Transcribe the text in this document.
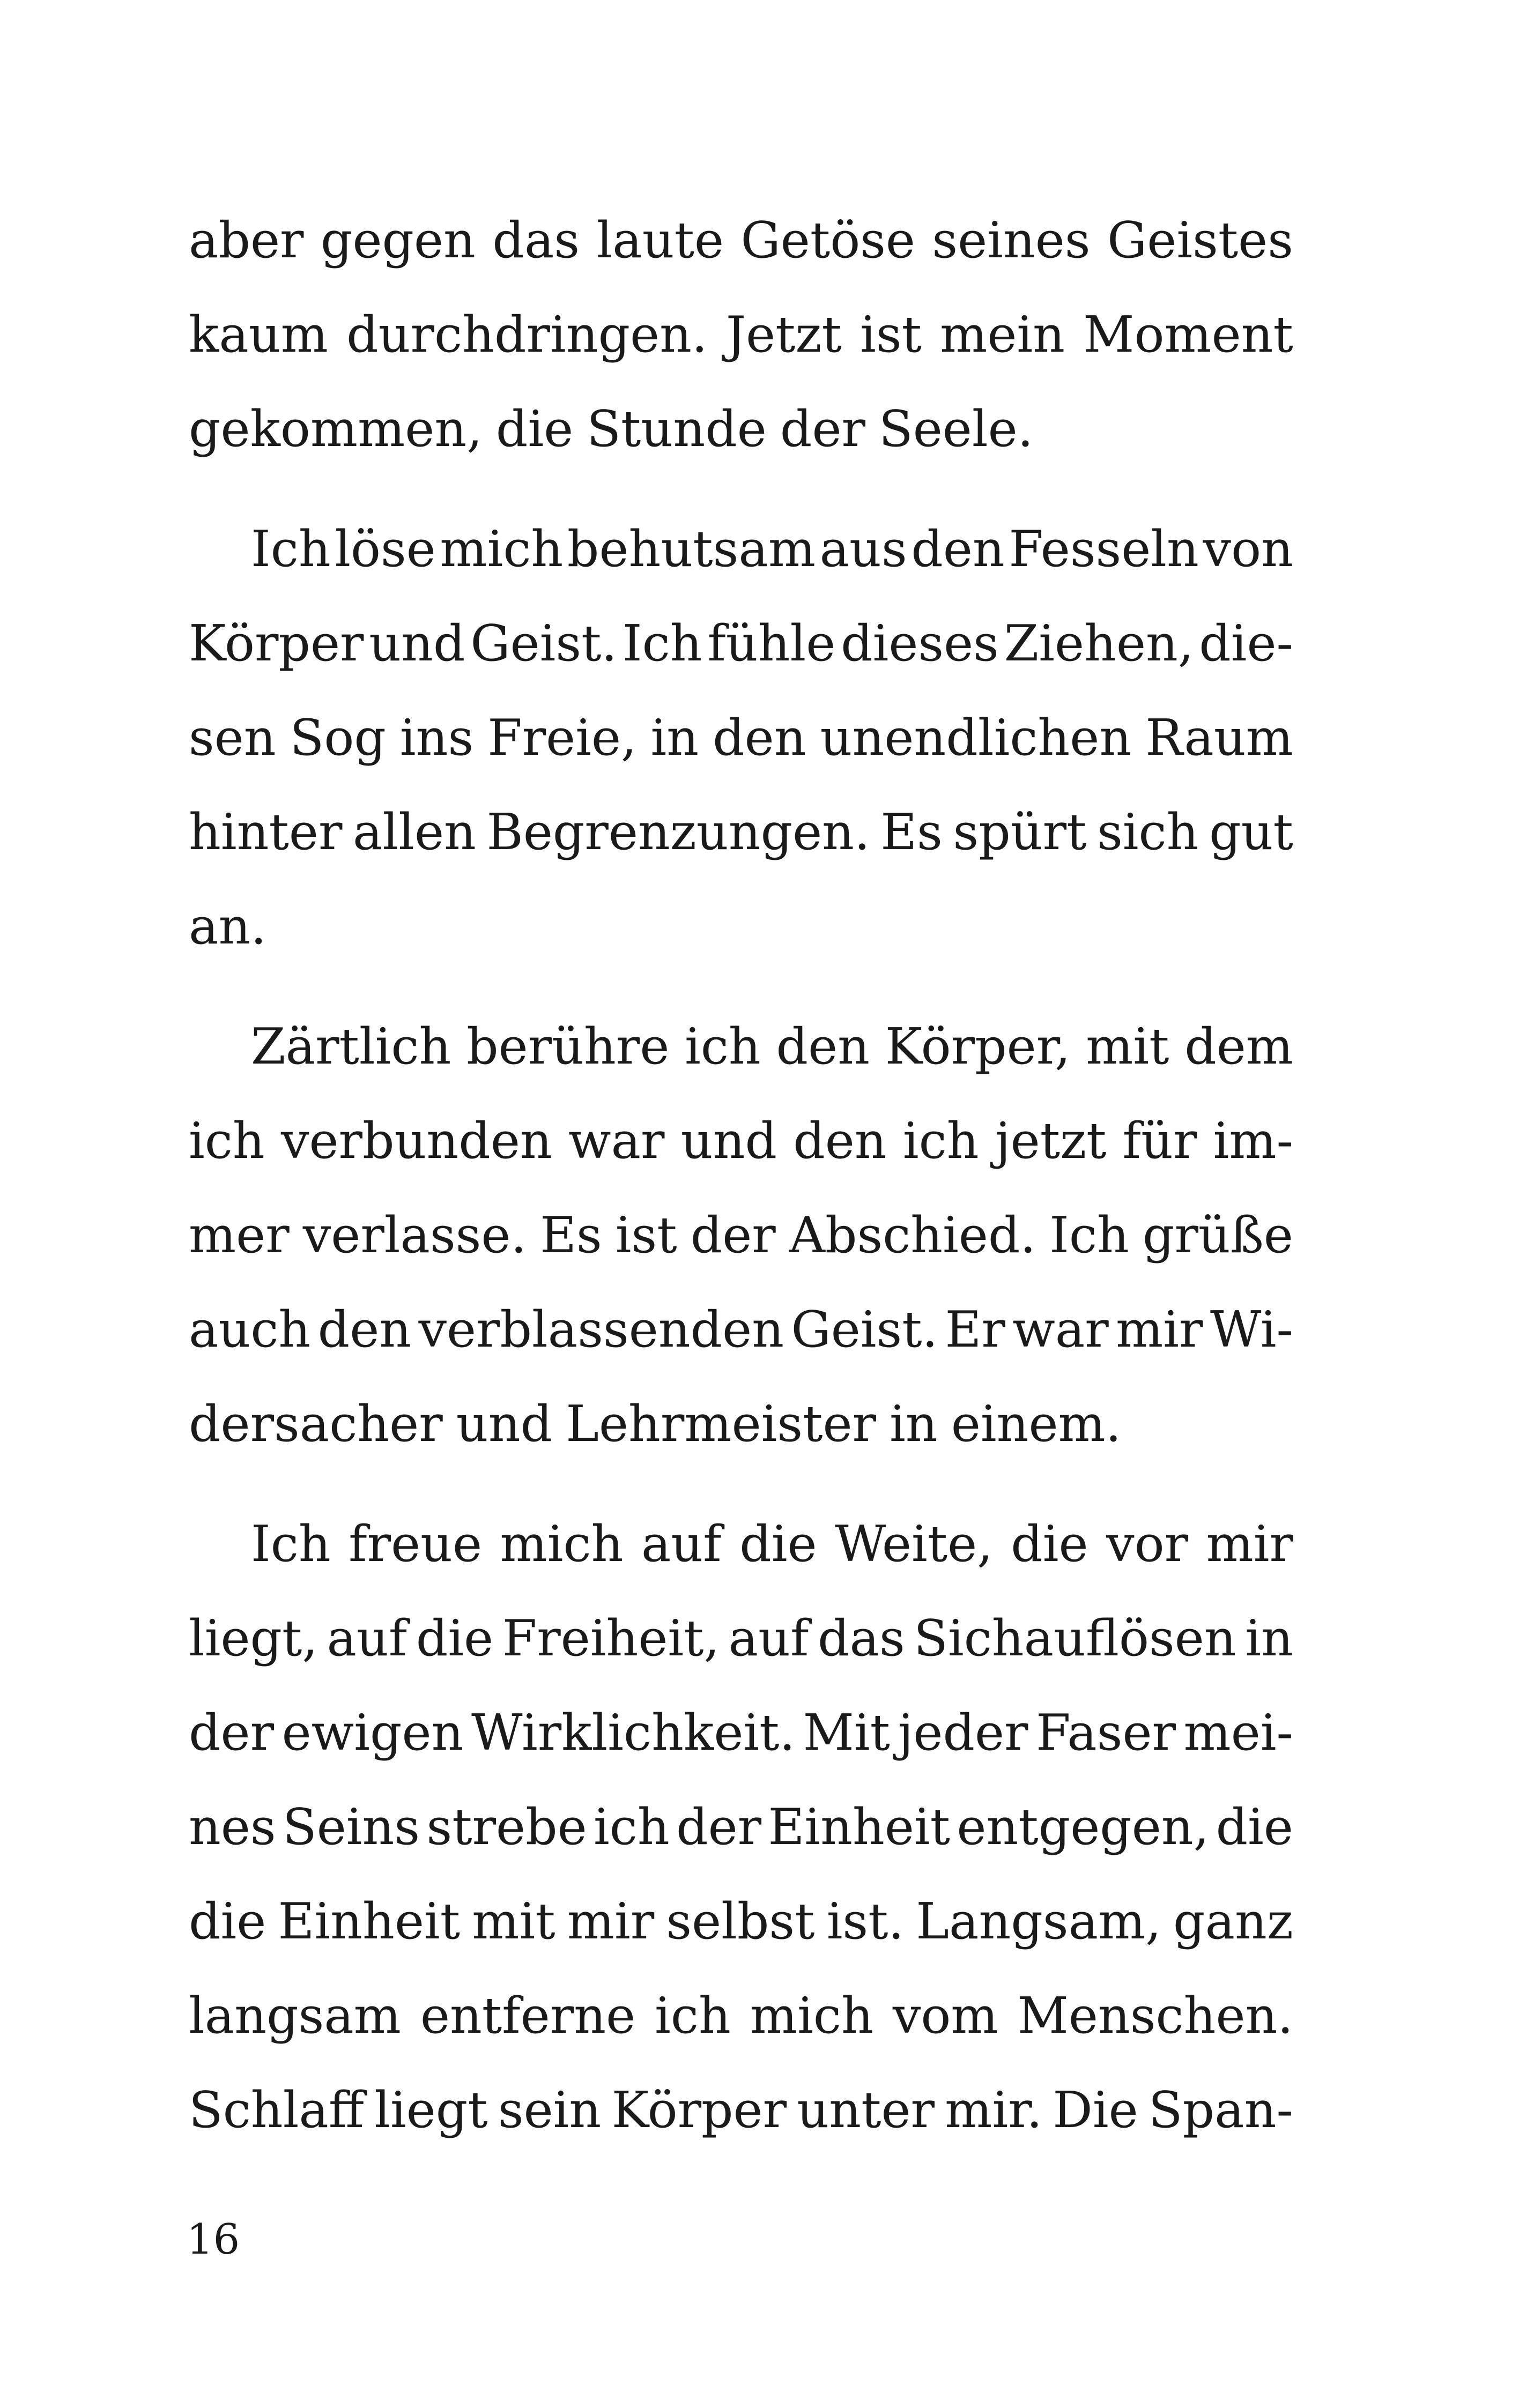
aber gegen das laute Getöse seines Geistes
kaum durchdringen. Jetzt ist mein Moment
gekommen, die Stunde der Seele.
Ich löse mich behutsam aus den Fesseln von
Körper und Geist. Ich fühle dieses Ziehen, die-
sen Sog ins Freie, in den unendlichen Raum
hinter allen Begrenzungen. Es spürt sich gut
an.
Zärtlich berühre ich den Körper, mit dem
ich verbunden war und den ich jetzt für im-
mer verlasse. Es ist der Abschied. Ich grüße
auch den verblassenden Geist. Er war mir Wi-
dersacher und Lehrmeister in einem.
Ich freue mich auf die Weite, die vor mir
liegt, auf die Freiheit, auf das Sichauflösen in
der ewigen Wirklichkeit. Mit jeder Faser mei-
nes Seins strebe ich der Einheit entgegen, die
die Einheit mit mir selbst ist. Langsam, ganz
langsam entferne ich mich vom Menschen.
Schlaff liegt sein Körper unter mir. Die Span-
16
